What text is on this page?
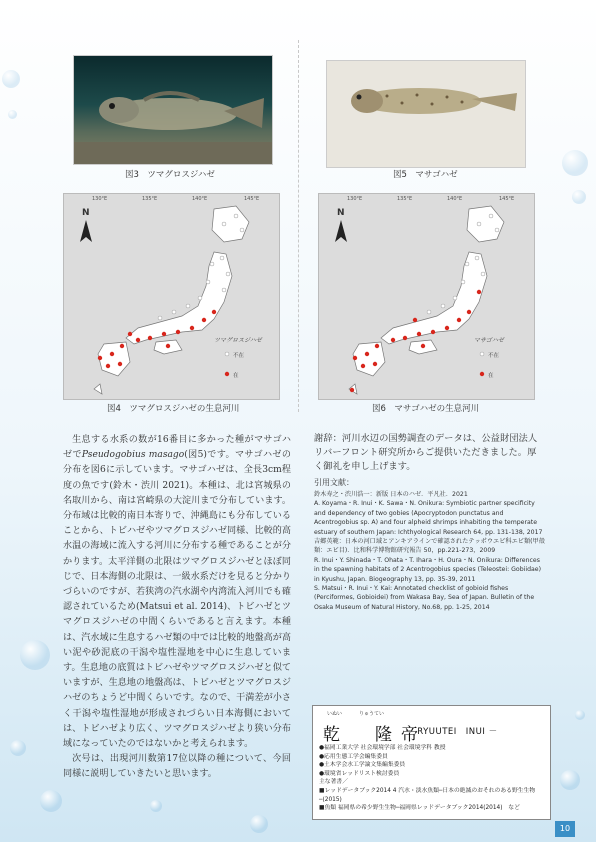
図3　ツマグロスジハゼ	図5　マサゴハゼ
130°E	135°E	140°E	145°E
ツマグロスジハゼ
不在
在
N
図4　ツマグロスジハゼの生息河川
130°E	135°E	140°E	145°E
マサゴハゼ
不在
在
N
図6　マサゴハゼの生息河川

生息する水系の数が16番目に多かった種がマサゴハゼでPseudogobius masago(図5)です。マサゴハゼの分布を図6に示しています。マサゴハゼは、全長3cm程度の魚です(鈴木・渋川 2021)。本種は、北は宮城県の名取川から、南は宮崎県の大淀川まで分布しています。分布域は比較的南日本寄りで、沖縄島にも分布していることから、トビハゼやツマグロスジハゼ同様、比較的高水温の海域に流入する河川に分布する種であることが分かります。太平洋側の北限はツマグロスジハゼとほぼ同じで、日本海側の北限は、一級水系だけを見ると分かりづらいのですが、若狭湾の汽水湖や内湾流入河川でも確認されているため(Matsui et al. 2014)、トビハゼとツマグロスジハゼの中間くらいであると言えます。本種は、汽水域に生息するハゼ類の中では比較的地盤高が高い泥や砂泥底の干潟や塩性湿地を中心に生息しています。生息地の底質はトビハゼやツマグロスジハゼと似ていますが、生息地の地盤高は、トビハゼとツマグロスジハゼのちょうど中間くらいです。なので、干満差が小さく干潟や塩性湿地が形成されづらい日本海側においては、トビハゼより広く、ツマグロスジハゼより狭い分布域になっていたのではないかと考えられます。

次号は、出現河川数第17位以降の種について、今回同様に説明していきたいと思います。

謝辞：河川水辺の国勢調査のデータは、公益財団法人 リバーフロント研究所からご提供いただきました。厚く御礼を申し上げます。
引用文献：
鈴木寿之・渋川浩一：新版 日本のハゼ．平凡社．2021
A. Koyama・R. Inui・K. Sawa・N. Onikura: Symbiotic partner specificity and dependency of two gobies (Apocryptodon punctatus and Acentrogobius sp. A) and four alpheid shrimps inhabiting the temperate estuary of southern Japan: Ichthyological Research 64, pp. 131-138, 2017
吉郷英範：日本の河口域とアンキアラインで確認されたテッポウエビ科エビ類(甲殻類：エビ目)．比和科学博物館研究報告 50，pp.221-273，2009
R. Inui・Y. Shinada・T. Ohata・T. Ihara・H. Oura・N. Onikura: Differences in the spawning habitats of 2 Acentrogobius species (Teleostei: Gobiidae) in Kyushu, Japan. Biogeography 13, pp. 35-39, 2011
S. Matsui・R. Inui・Y. Kai: Annotated checklist of gobioid fishes (Perciformes, Gobioidei) from Wakasa Bay, Sea of Japan. Bulletin of the Osaka Museum of Natural History, No.68, pp. 1-25, 2014
いぬい	りゅうてい
乾　隆帝
－ RYUUTEI　INUI －
●福岡工業大学 社会環境学部 社会環境学科 教授
●応用生態工学会編集委員
●土木学会水工学論文集編集委員
●環境省レッドリスト検討委員
主な著書／
■レッドデータブック2014 4 汽水・淡水魚類─日本の絶滅のおそれのある野生生物─(2015)
■魚類 福岡県の希少野生生物─福岡県レッドデータブック2014(2014)　など
10
